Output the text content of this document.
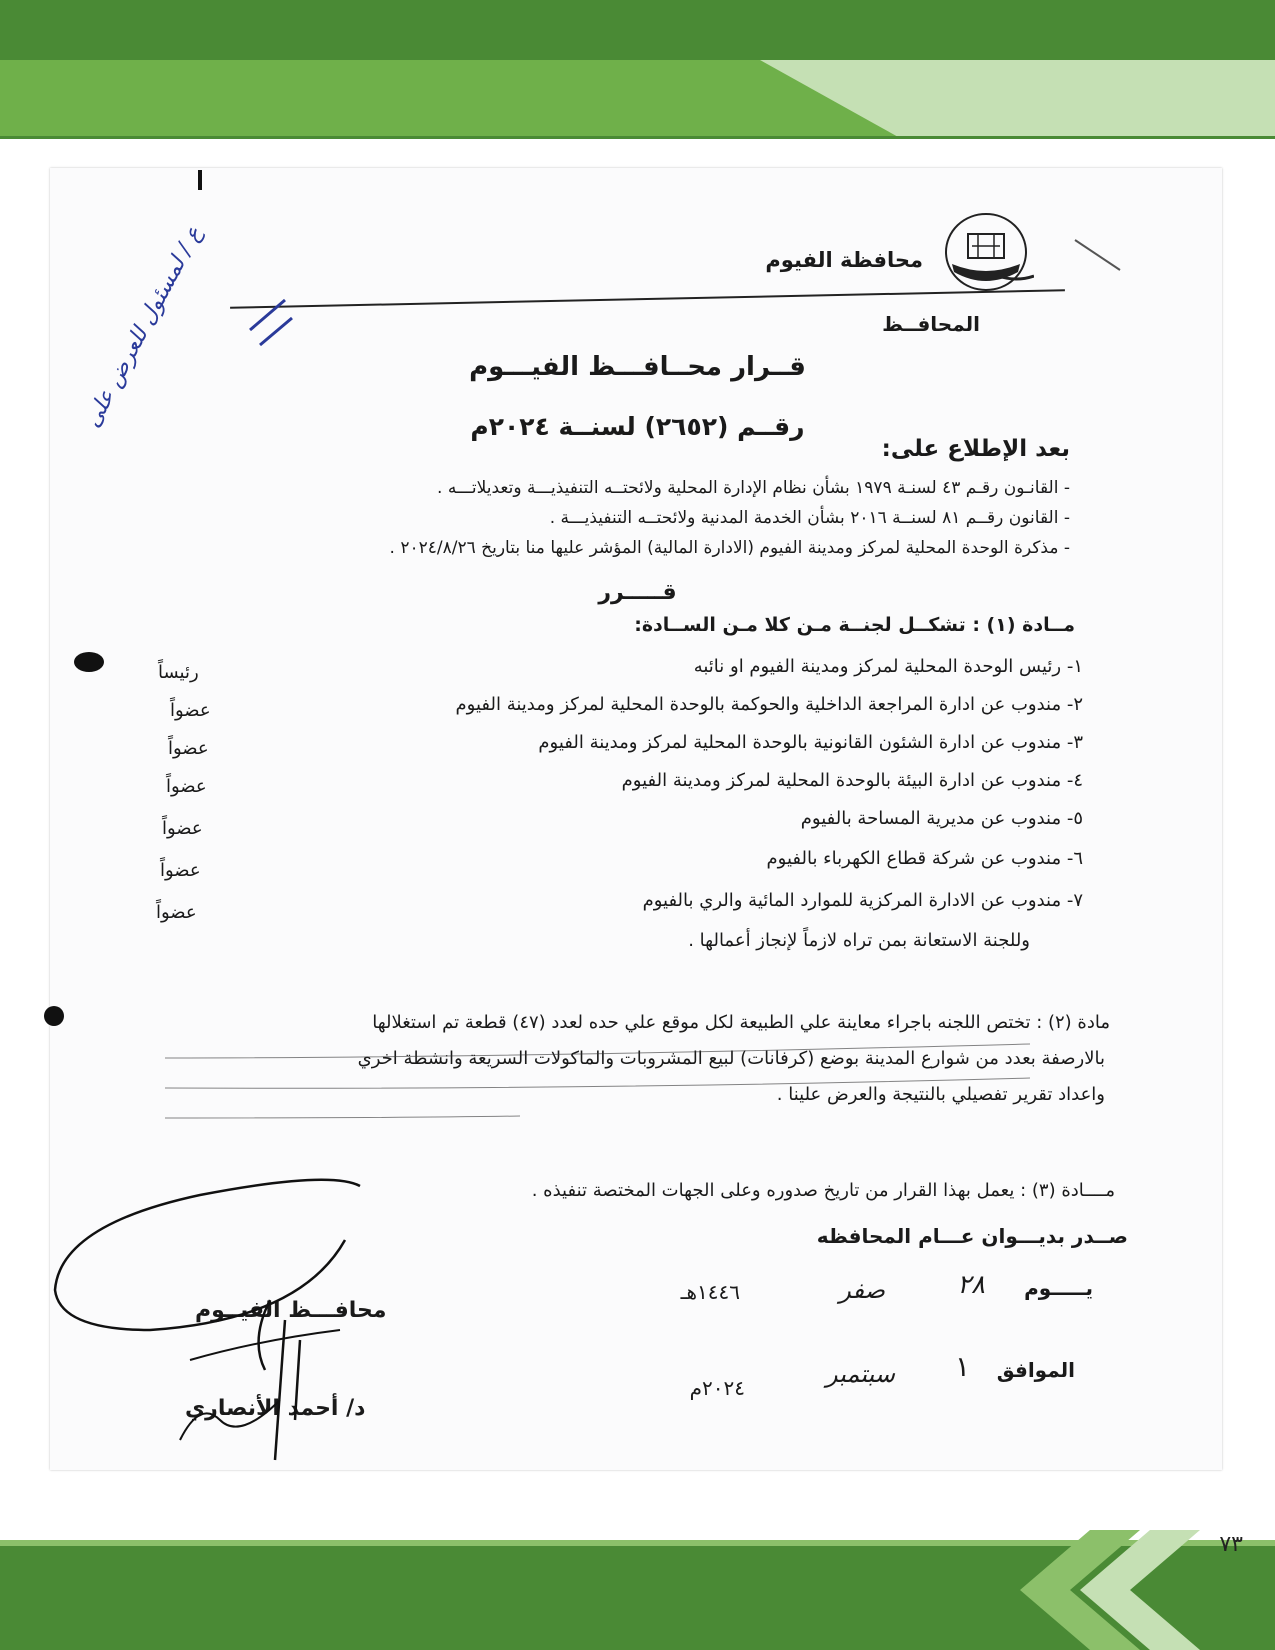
٧٣
محافظة الفيوم
المحافــظ
قــرار محــافـــظ الفيـــوم
رقــم (٢٦٥٢) لسنــة ٢٠٢٤م
بعد الإطلاع على:
- القانـون رقـم ٤٣ لسنـة ١٩٧٩ بشأن نظام الإدارة المحلية ولائحتــه التنفيذيـــة وتعديلاتـــه .
- القانون رقــم ٨١ لسنــة ٢٠١٦ بشأن الخدمة المدنية ولائحتــه التنفيذيـــة .
- مذكرة الوحدة المحلية لمركز ومدينة الفيوم (الادارة المالية) المؤشر عليها منا بتاريخ ٢٠٢٤/٨/٢٦ .
قـــــرر
مــادة (١) : تشكــل لجنــة مـن كلا مـن الســادة:
١- رئيس الوحدة المحلية لمركز ومدينة الفيوم او نائبه
رئيساً
٢- مندوب عن ادارة المراجعة الداخلية والحوكمة بالوحدة المحلية لمركز ومدينة الفيوم
عضواً
٣- مندوب عن ادارة الشئون القانونية بالوحدة المحلية لمركز ومدينة الفيوم
عضواً
٤- مندوب عن ادارة البيئة بالوحدة المحلية لمركز ومدينة الفيوم
عضواً
٥- مندوب عن مديرية المساحة بالفيوم
عضواً
٦- مندوب عن شركة قطاع الكهرباء بالفيوم
عضواً
٧- مندوب عن الادارة المركزية للموارد المائية والري بالفيوم
عضواً
وللجنة الاستعانة بمن تراه لازماً لإنجاز أعمالها .
مادة (٢) : تختص اللجنه باجراء معاينة علي الطبيعة لكل موقع علي حده لعدد (٤٧) قطعة تم استغلالها
بالارصفة بعدد من شوارع المدينة بوضع (كرفانات) لبيع المشروبات والماكولات السريعة وانشطة اخري
واعداد تقرير تفصيلي بالنتيجة والعرض علينا .
مــــادة (٣) : يعمل بهذا القرار من تاريخ صدوره وعلى الجهات المختصة تنفيذه .
صــدر بديـــوان عـــام المحافظه
يـــــوم
٢٨
صفر
١٤٤٦هـ
الموافق
١
سبتمبر
٢٠٢٤م
محافـــظ الفيــوم
د/ أحمد الأنصاري
ع / لمسئول للعرض على
